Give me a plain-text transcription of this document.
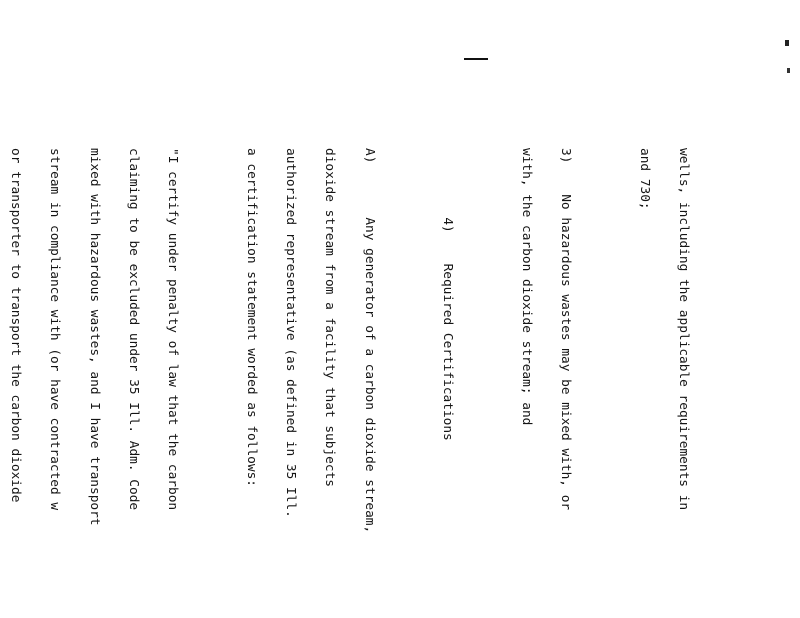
wells, including the applicable requirements in

and 730;

3)    No hazardous wastes may be mixed with, or

with, the carbon dioxide stream; and

4)    Required Certifications

A)       Any generator of a carbon dioxide stream,

dioxide stream from a facility that subjects

authorized representative (as defined in 35 Ill.

a certification statement worded as follows:

"I certify under penalty of law that the carbon

claiming to be excluded under 35 Ill. Adm. Code

mixed with hazardous wastes, and I have transport

stream in compliance with (or have contracted w

or transporter to transport the carbon dioxide
